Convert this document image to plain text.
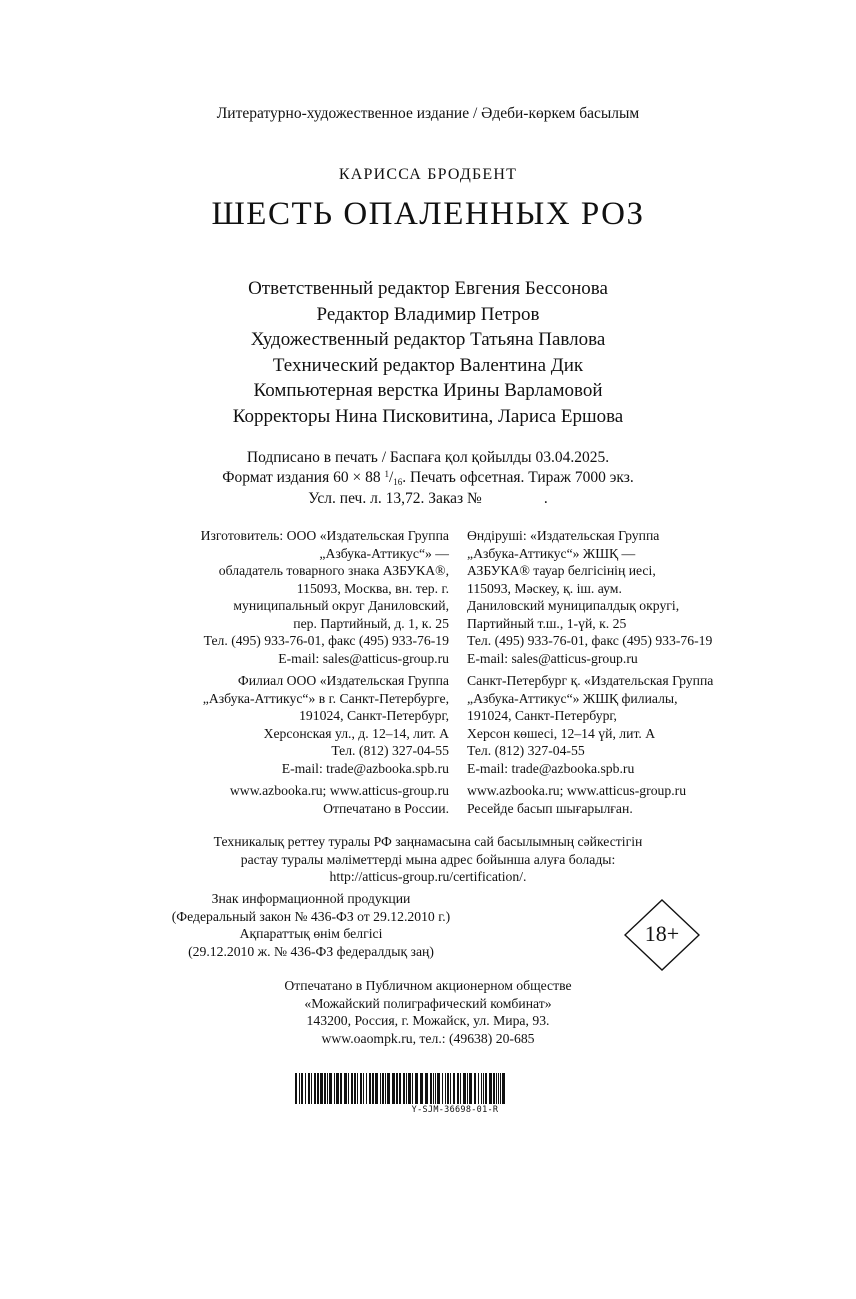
Литературно-художественное издание / Әдеби-көркем басылым
КАРИССА БРОДБЕНТ
ШЕСТЬ ОПАЛЕННЫХ РОЗ
Ответственный редактор Евгения Бессонова
Редактор Владимир Петров
Художественный редактор Татьяна Павлова
Технический редактор Валентина Дик
Компьютерная верстка Ирины Варламовой
Корректоры Нина Писковитина, Лариса Ершова
Подписано в печать / Баспаға қол қойылды 03.04.2025.
Формат издания 60 × 88 $^1$/16. Печать офсетная. Тираж 7000 экз.
Усл. печ. л. 13,72. Заказ №                .
Изготовитель: ООО «Издательская Группа
„Азбука-Аттикус“» —
обладатель товарного знака АЗБУКА®,
115093, Москва, вн. тер. г.
муниципальный округ Даниловский,
пер. Партийный, д. 1, к. 25
Тел. (495) 933-76-01, факс (495) 933-76-19
E-mail: sales@atticus-group.ru
Өндіруші: «Издательская Группа
„Азбука-Аттикус“» ЖШҚ —
АЗБУКА® тауар белгісінің иесі,
115093, Мәскеу, қ. іш. аум.
Даниловский муниципалдық округі,
Партийный т.ш., 1-үй, к. 25
Тел. (495) 933-76-01, факс (495) 933-76-19
E-mail: sales@atticus-group.ru
Филиал ООО «Издательская Группа
„Азбука-Аттикус“» в г. Санкт-Петербурге,
191024, Санкт-Петербург,
Херсонская ул., д. 12–14, лит. А
Тел. (812) 327-04-55
E-mail: trade@azbooka.spb.ru
Санкт-Петербург қ. «Издательская Группа
„Азбука-Аттикус“» ЖШҚ филиалы,
191024, Санкт-Петербург,
Херсон көшесі, 12–14 үй, лит. А
Тел. (812) 327-04-55
E-mail: trade@azbooka.spb.ru
www.azbooka.ru; www.atticus-group.ru
Отпечатано в России.
www.azbooka.ru; www.atticus-group.ru
Ресейде басып шығарылған.
Техникалық реттеу туралы РФ заңнамасына сай басылымның сәйкестігін
растау туралы мәліметтерді мына адрес бойынша алуға болады:
http://atticus-group.ru/certification/.
Знак информационной продукции
(Федеральный закон № 436-ФЗ от 29.12.2010 г.)
Ақпараттық өнім белгісі
(29.12.2010 ж. № 436-ФЗ федералдық заң)
18+
Отпечатано в Публичном акционерном обществе
«Можайский полиграфический комбинат»
143200, Россия, г. Можайск, ул. Мира, 93.
www.oaompk.ru, тел.: (49638) 20-685
Y-SJM-36698-01-R
